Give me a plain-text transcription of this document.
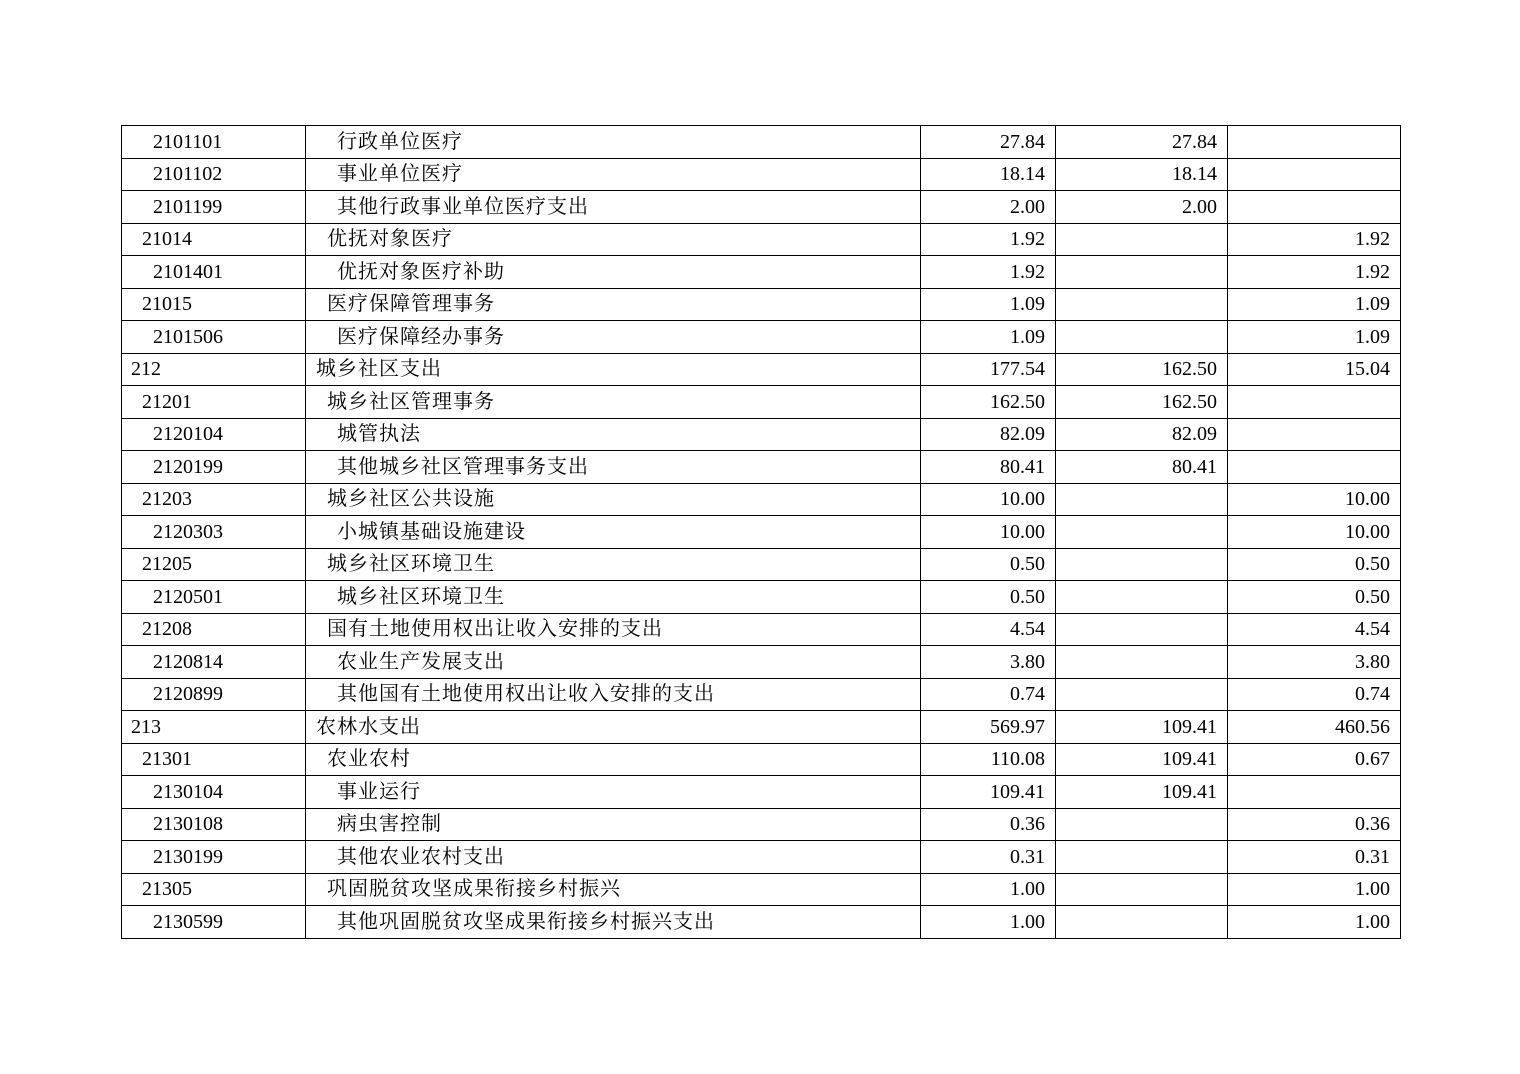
2101101	行政单位医疗	27.84	27.84	
2101102	事业单位医疗	18.14	18.14	
2101199	其他行政事业单位医疗支出	2.00	2.00	
21014	优抚对象医疗	1.92		1.92
2101401	优抚对象医疗补助	1.92		1.92
21015	医疗保障管理事务	1.09		1.09
2101506	医疗保障经办事务	1.09		1.09
212	城乡社区支出	177.54	162.50	15.04
21201	城乡社区管理事务	162.50	162.50	
2120104	城管执法	82.09	82.09	
2120199	其他城乡社区管理事务支出	80.41	80.41	
21203	城乡社区公共设施	10.00		10.00
2120303	小城镇基础设施建设	10.00		10.00
21205	城乡社区环境卫生	0.50		0.50
2120501	城乡社区环境卫生	0.50		0.50
21208	国有土地使用权出让收入安排的支出	4.54		4.54
2120814	农业生产发展支出	3.80		3.80
2120899	其他国有土地使用权出让收入安排的支出	0.74		0.74
213	农林水支出	569.97	109.41	460.56
21301	农业农村	110.08	109.41	0.67
2130104	事业运行	109.41	109.41	
2130108	病虫害控制	0.36		0.36
2130199	其他农业农村支出	0.31		0.31
21305	巩固脱贫攻坚成果衔接乡村振兴	1.00		1.00
2130599	其他巩固脱贫攻坚成果衔接乡村振兴支出	1.00		1.00
